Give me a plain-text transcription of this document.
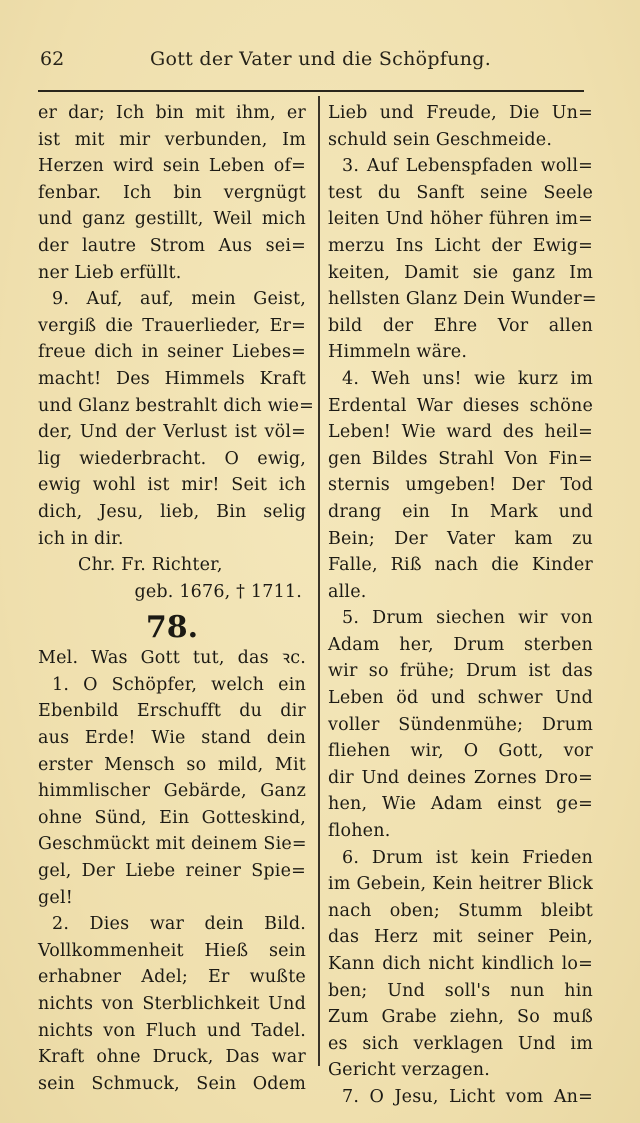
62	Gott der Vater und die Schöpfung.
er dar; Ich bin mit ihm, er
ist mit mir verbunden, Im
Herzen wird sein Leben of=
fenbar. Ich bin vergnügt
und ganz gestillt, Weil mich
der lautre Strom Aus sei=
ner Lieb erfüllt.
9. Auf, auf, mein Geist,
vergiß die Trauerlieder, Er=
freue dich in seiner Liebes=
macht! Des Himmels Kraft
und Glanz bestrahlt dich wie=
der, Und der Verlust ist völ=
lig wiederbracht. O ewig,
ewig wohl ist mir! Seit ich
dich, Jesu, lieb, Bin selig
ich in dir.
Chr. Fr. Richter,
geb. 1676, † 1711.
78.
Mel. Was Gott tut, das ꝛc.
1. O Schöpfer, welch ein
Ebenbild Erschufft du dir
aus Erde! Wie stand dein
erster Mensch so mild, Mit
himmlischer Gebärde, Ganz
ohne Sünd, Ein Gotteskind,
Geschmückt mit deinem Sie=
gel, Der Liebe reiner Spie=
gel!
2. Dies war dein Bild.
Vollkommenheit Hieß sein
erhabner Adel; Er wußte
nichts von Sterblichkeit Und
nichts von Fluch und Tadel.
Kraft ohne Druck, Das war
sein Schmuck, Sein Odem
Lieb und Freude, Die Un=
schuld sein Geschmeide.
3. Auf Lebenspfaden woll=
test du Sanft seine Seele
leiten Und höher führen im=
merzu Ins Licht der Ewig=
keiten, Damit sie ganz Im
hellsten Glanz Dein Wunder=
bild der Ehre Vor allen
Himmeln wäre.
4. Weh uns! wie kurz im
Erdental War dieses schöne
Leben! Wie ward des heil=
gen Bildes Strahl Von Fin=
sternis umgeben! Der Tod
drang ein In Mark und
Bein; Der Vater kam zu
Falle, Riß nach die Kinder
alle.
5. Drum siechen wir von
Adam her, Drum sterben
wir so frühe; Drum ist das
Leben öd und schwer Und
voller Sündenmühe; Drum
fliehen wir, O Gott, vor
dir Und deines Zornes Dro=
hen, Wie Adam einst ge=
flohen.
6. Drum ist kein Frieden
im Gebein, Kein heitrer Blick
nach oben; Stumm bleibt
das Herz mit seiner Pein,
Kann dich nicht kindlich lo=
ben; Und soll's nun hin
Zum Grabe ziehn, So muß
es sich verklagen Und im
Gericht verzagen.
7. O Jesu, Licht vom An=
